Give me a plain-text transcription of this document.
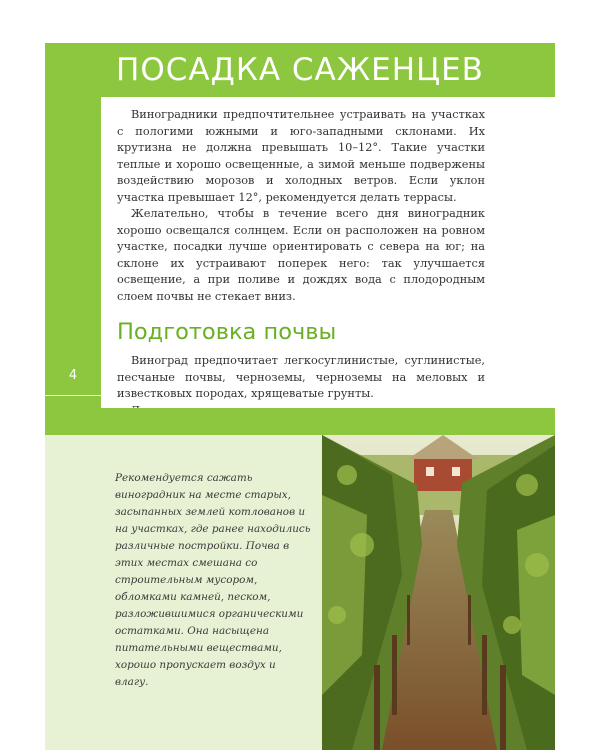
ПОСАДКА САЖЕНЦЕВ
4

Виноградники предпочтительнее устраивать на участках с пологими южными и юго-западными склонами. Их крутизна не должна превышать 10–12°. Такие участки теплые и хорошо освещенные, а зимой меньше подвержены воздействию морозов и холодных ветров. Если уклон участка превышает 12°, рекомендуется делать террасы.

Желательно, чтобы в течение всего дня виноградник хорошо освещался солнцем. Если он расположен на ровном участке, посадки лучше ориентировать с севера на юг; на склоне их устраивают поперек него: так улучшается освещение, а при поливе и дождях вода с плодородным слоем почвы не стекает вниз.

Подготовка почвы

Виноград предпочитает легкосуглинистые, суглинистые, песчаные почвы, черноземы, черноземы на меловых и известковых породах, хрящеватые грунты.

Рекомендуется сажать виноградник на месте старых, засыпанных землей котлованов и на участках, где ранее находились различные постройки. Почва в этих местах смешана со строительным мусором, обломками камней, песком, разложившимися органическими остатками. Она насыщена питательными веществами, хорошо пропускает воздух и влагу.
